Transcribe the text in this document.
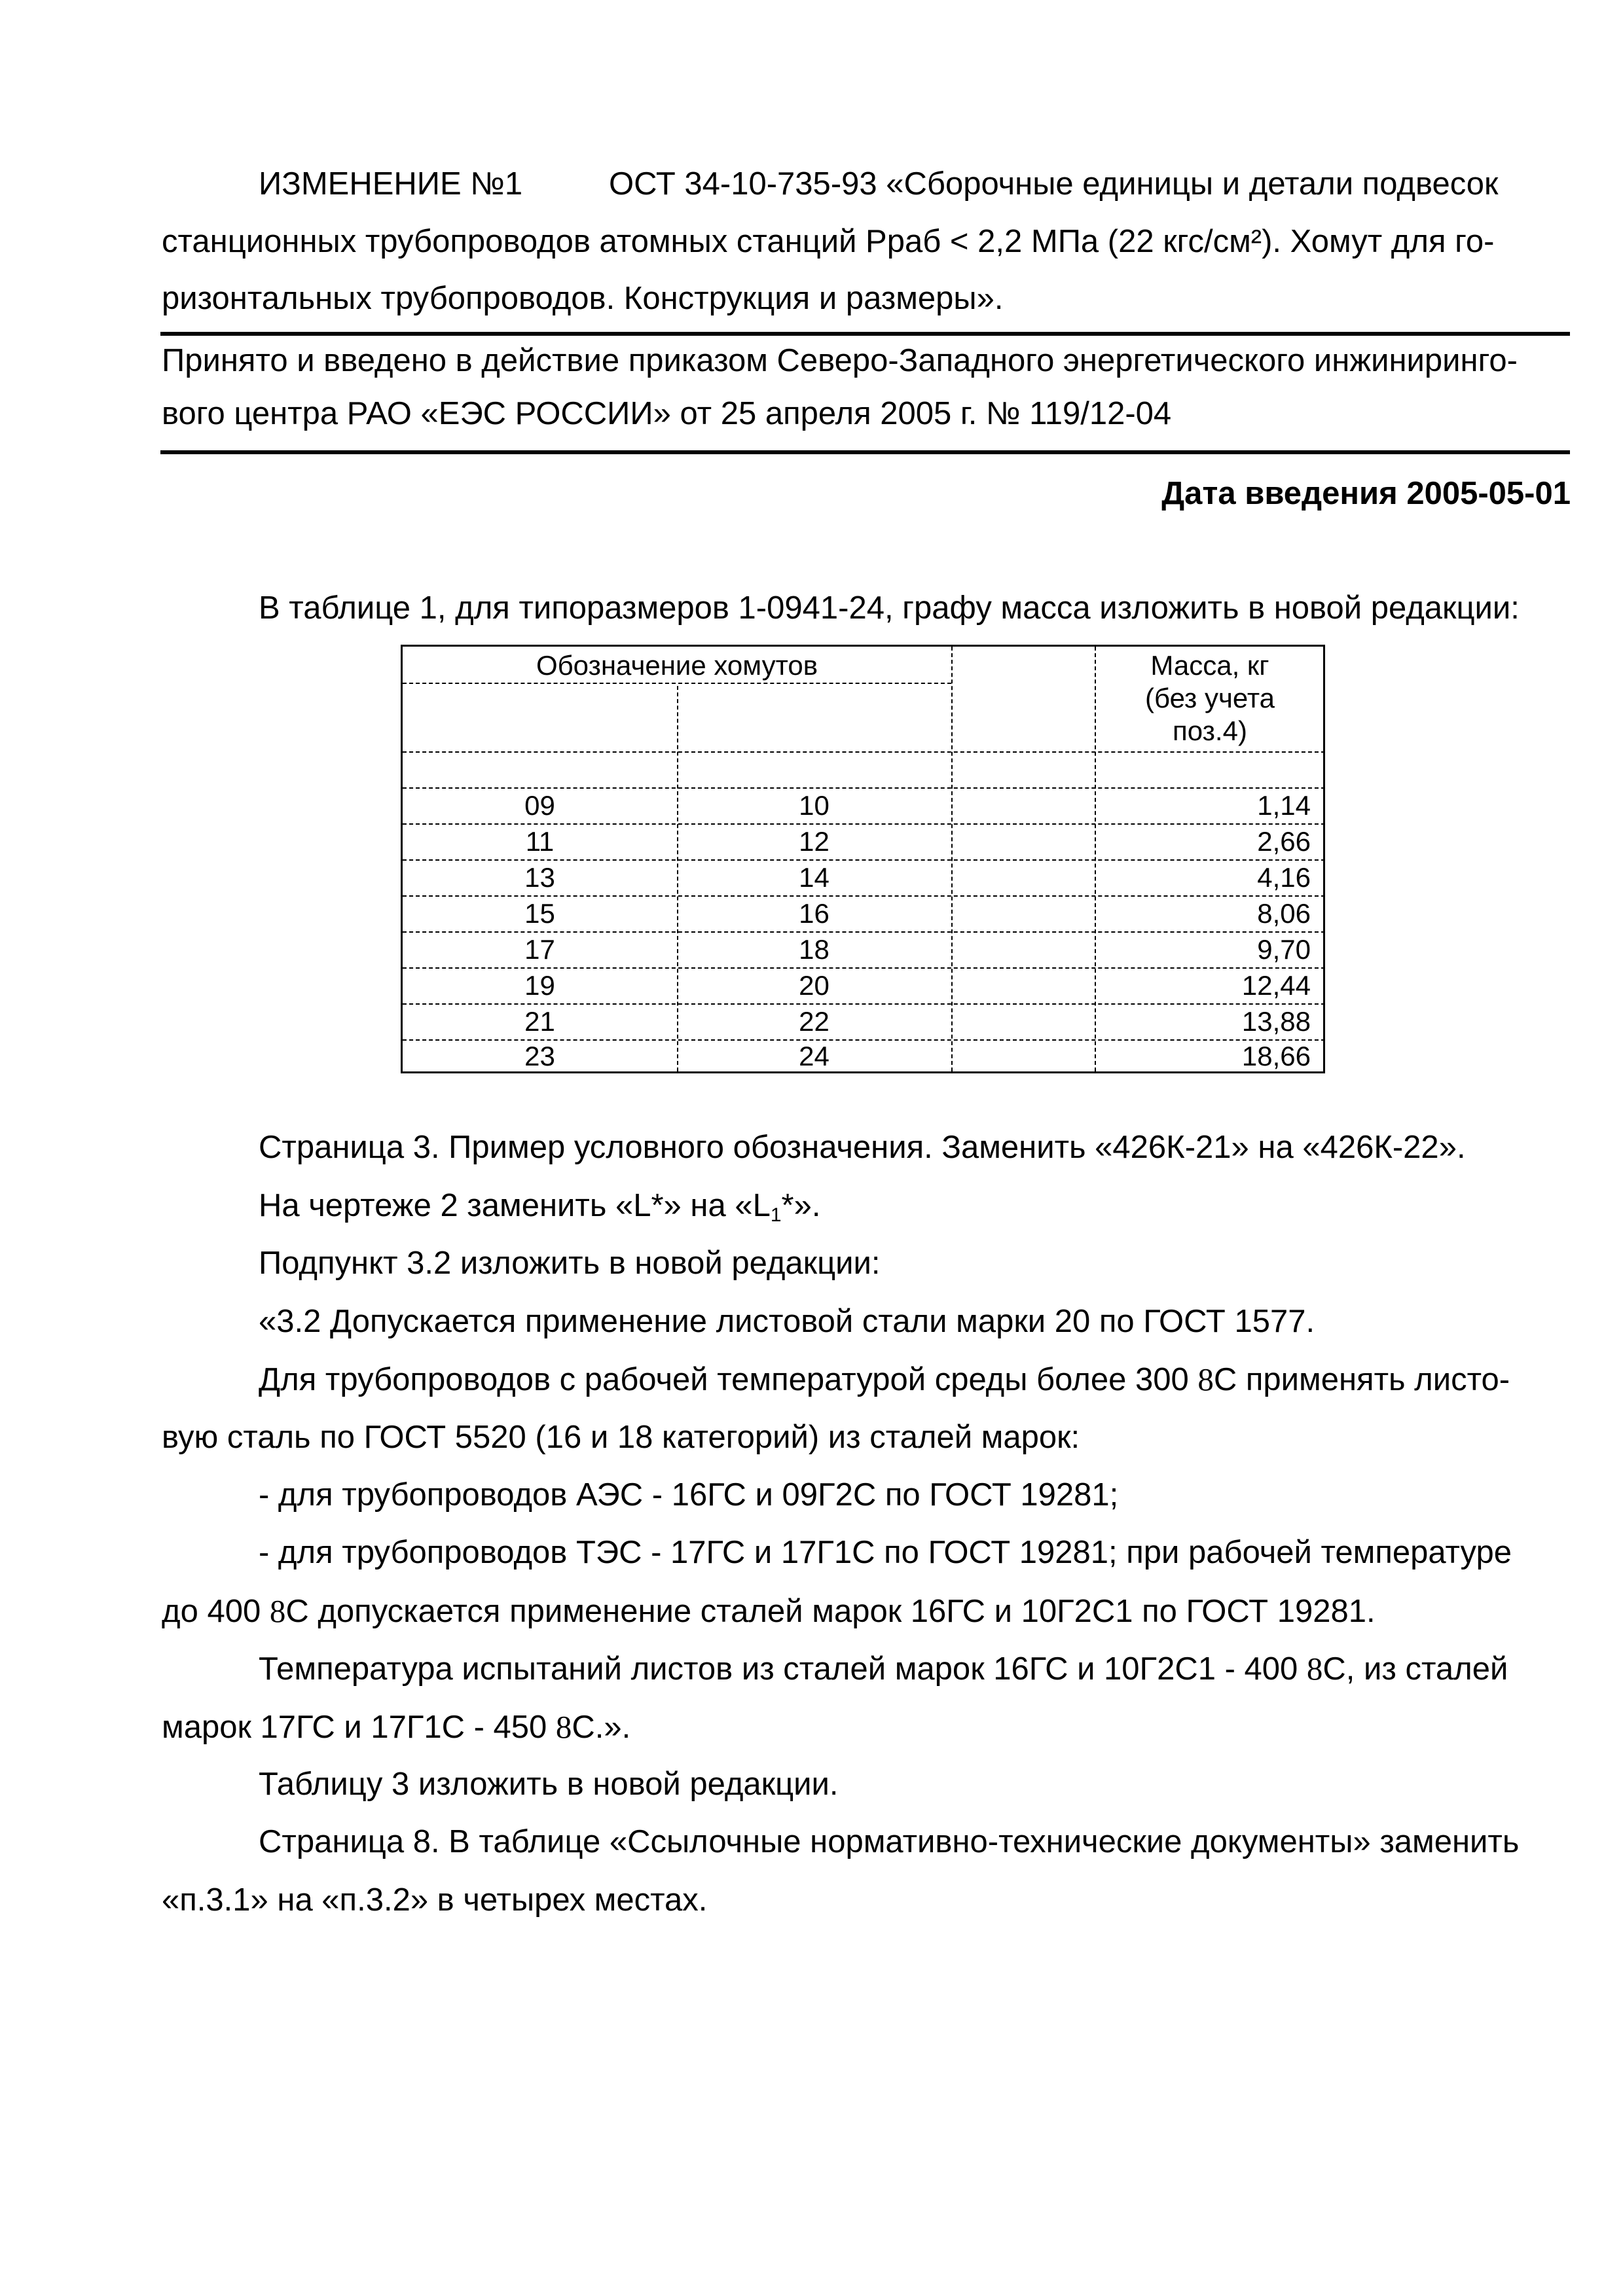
ИЗМЕНЕНИЕ №1	ОСТ 34-10-735-93 «Сборочные единицы и детали подвесок
станционных трубопроводов атомных станций Рраб < 2,2 МПа (22 кгс/см²). Хомут для го-
ризонтальных трубопроводов. Конструкция и размеры».
Принято и введено в действие приказом Северо-Западного энергетического инжиниринго-
вого центра РАО «ЕЭС РОССИИ» от 25 апреля 2005 г. № 119/12-04
Дата введения 2005-05-01
В таблице 1, для типоразмеров 1-0941-24, графу масса изложить в новой редакции:
Обозначение хомутов	Масса, кг
(без учета
поз.4)
09	10	1,14
11	12	2,66
13	14	4,16
15	16	8,06
17	18	9,70
19	20	12,44
21	22	13,88
23	24	18,66
Страница 3. Пример условного обозначения. Заменить «426К-21» на «426К-22».
На чертеже 2 заменить «L*» на «$L_1*$».
Подпункт 3.2 изложить в новой редакции:
«3.2 Допускается применение листовой стали марки 20 по ГОСТ 1577.
Для трубопроводов с рабочей температурой среды более 300 8С применять листо-
вую сталь по ГОСТ 5520 (16 и 18 категорий) из сталей марок:
- для трубопроводов АЭС - 16ГС и 09Г2С по ГОСТ 19281;
- для трубопроводов ТЭС - 17ГС и 17Г1С по ГОСТ 19281; при рабочей температуре
до 400 8С допускается применение сталей марок 16ГС и 10Г2С1 по ГОСТ 19281.
Температура испытаний листов из сталей марок 16ГС и 10Г2С1 - 400 8С, из сталей
марок 17ГС и 17Г1С - 450 8С.».
Таблицу 3 изложить в новой редакции.
Страница 8. В таблице «Ссылочные нормативно-технические документы» заменить
«п.3.1» на «п.3.2» в четырех местах.
